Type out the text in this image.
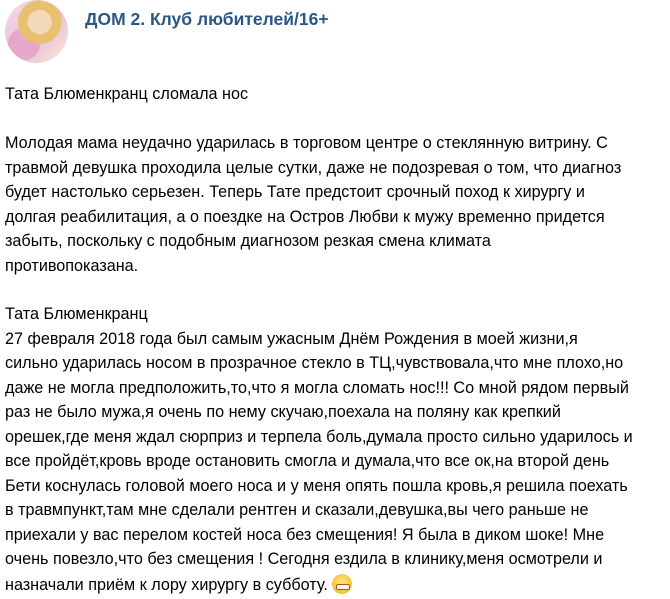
ДОМ 2. Клуб любителей/16+
Тата Блюменкранц сломала нос
Молодая мама неудачно ударилась в торговом центре о стеклянную витрину. С
травмой девушка проходила целые сутки, даже не подозревая о том, что диагноз
будет настолько серьезен. Теперь Тате предстоит срочный поход к хирургу и
долгая реабилитация, а о поездке на Остров Любви к мужу временно придется
забыть, поскольку с подобным диагнозом резкая смена климата
противопоказана.
Тата Блюменкранц
27 февраля 2018 года был самым ужасным Днём Рождения в моей жизни,я
сильно ударилась носом в прозрачное стекло в ТЦ,чувствовала,что мне плохо,но
даже не могла предположить,то,что я могла сломать нос!!! Со мной рядом первый
раз не было мужа,я очень по нему скучаю,поехала на поляну как крепкий
орешек,где меня ждал сюрприз и терпела боль,думала просто сильно ударилось и
все пройдёт,кровь вроде остановить смогла и думала,что все ок,на второй день
Бети коснулась головой моего носа и у меня опять пошла кровь,я решила поехать
в травмпункт,там мне сделали рентген и сказали,девушка,вы чего раньше не
приехали у вас перелом костей носа без смещения! Я была в диком шоке! Мне
очень повезло,что без смещения ! Сегодня ездила в клинику,меня осмотрели и
назначали приём к лору хирургу в субботу.
